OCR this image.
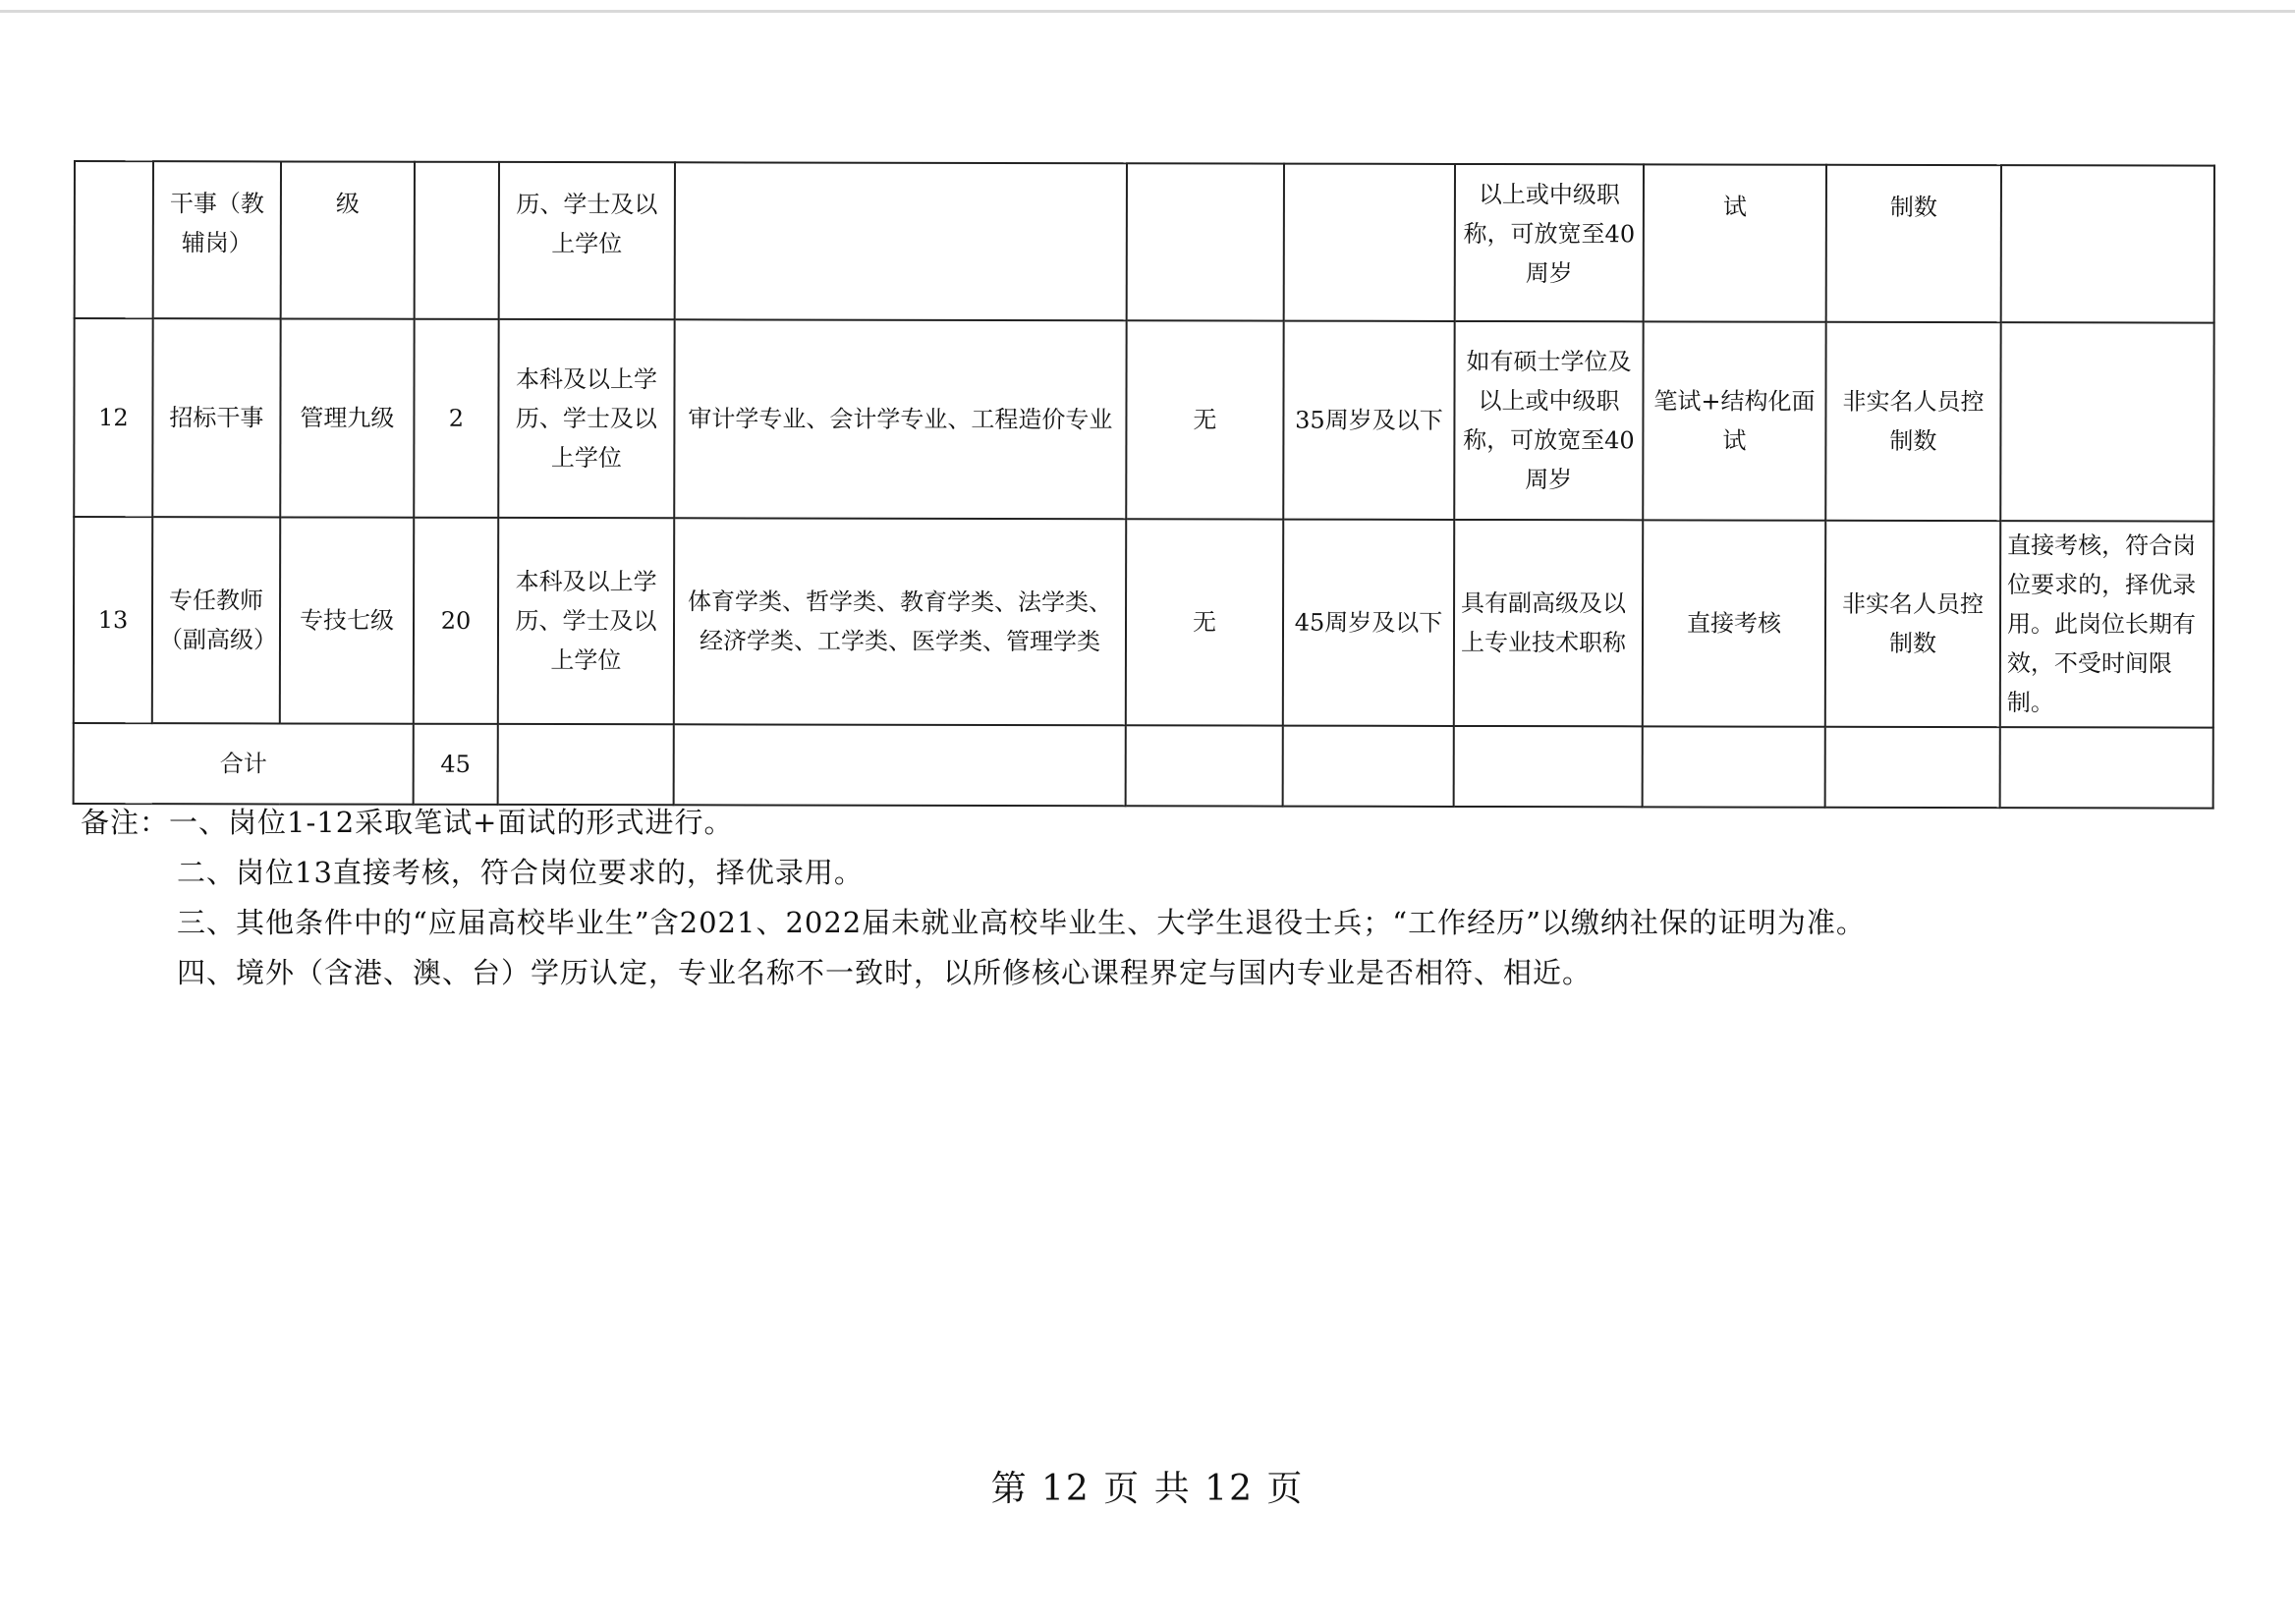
	干事（教辅岗）	级		历、学士及以上学位				以上或中级职称，可放宽至40周岁	试	制数	
12	招标干事	管理九级	2	本科及以上学历、学士及以上学位	审计学专业、会计学专业、工程造价专业	无	35周岁及以下	如有硕士学位及以上或中级职称，可放宽至40周岁	笔试+结构化面试	非实名人员控制数	
13	专任教师（副高级）	专技七级	20	本科及以上学历、学士及以上学位	体育学类、哲学类、教育学类、法学类、经济学类、工学类、医学类、管理学类	无	45周岁及以下	具有副高级及以上专业技术职称	直接考核	非实名人员控制数	直接考核，符合岗位要求的，择优录用。此岗位长期有效，不受时间限制。
合计			45								
备注：一、岗位1-12采取笔试+面试的形式进行。
二、岗位13直接考核，符合岗位要求的，择优录用。
三、其他条件中的“应届高校毕业生”含2021、2022届未就业高校毕业生、大学生退役士兵；“工作经历”以缴纳社保的证明为准。
四、境外（含港、澳、台）学历认定，专业名称不一致时，以所修核心课程界定与国内专业是否相符、相近。
第 12 页 共 12 页
